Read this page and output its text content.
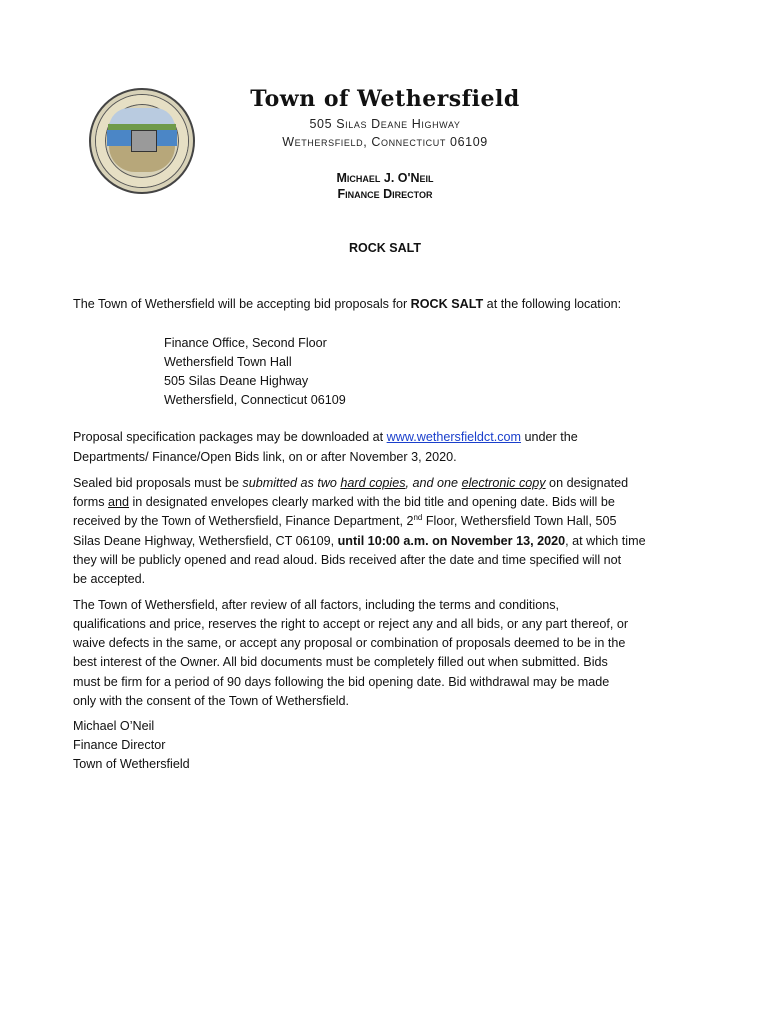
Town of Wethersfield
505 Silas Deane Highway
Wethersfield, Connecticut 06109
Michael J. O'Neil
Finance Director
ROCK SALT
The Town of Wethersfield will be accepting bid proposals for ROCK SALT at the following location:
Finance Office, Second Floor
Wethersfield Town Hall
505 Silas Deane Highway
Wethersfield, Connecticut 06109
Proposal specification packages may be downloaded at www.wethersfieldct.com under the
Departments/ Finance/Open Bids link, on or after November 3, 2020.
Sealed bid proposals must be submitted as two hard copies, and one electronic copy on designated
forms and in designated envelopes clearly marked with the bid title and opening date. Bids will be
received by the Town of Wethersfield, Finance Department, 2nd Floor, Wethersfield Town Hall, 505
Silas Deane Highway, Wethersfield, CT 06109, until 10:00 a.m. on November 13, 2020, at which time
they will be publicly opened and read aloud. Bids received after the date and time specified will not
be accepted.
The Town of Wethersfield, after review of all factors, including the terms and conditions,
qualifications and price, reserves the right to accept or reject any and all bids, or any part thereof, or
waive defects in the same, or accept any proposal or combination of proposals deemed to be in the
best interest of the Owner. All bid documents must be completely filled out when submitted. Bids
must be firm for a period of 90 days following the bid opening date. Bid withdrawal may be made
only with the consent of the Town of Wethersfield.
Michael O’Neil
Finance Director
Town of Wethersfield
